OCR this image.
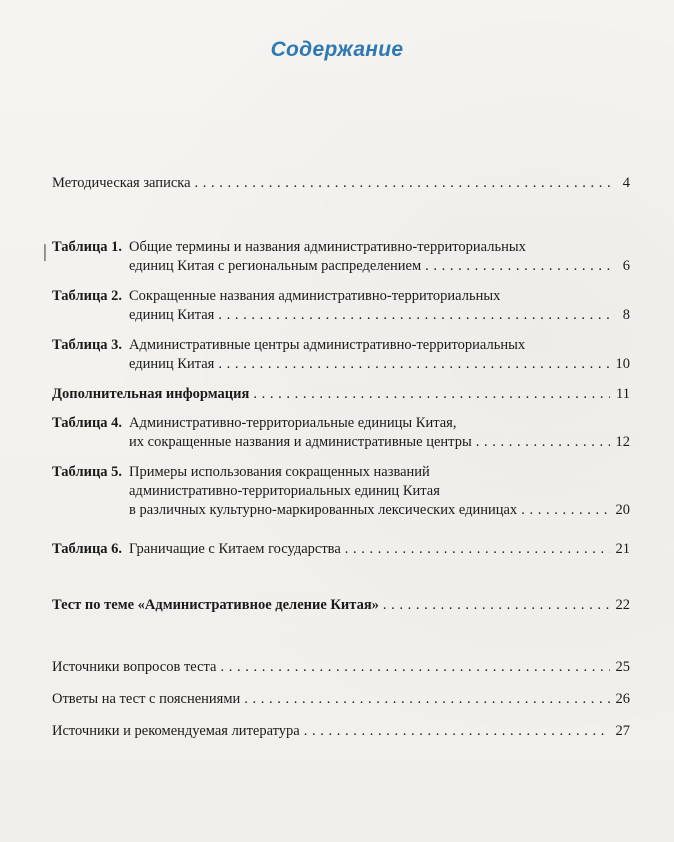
Содержание
│
Методическая записка . . .	4
Таблица 1. Общие термины и названия административно-территориальных
единиц Китая с региональным распределением . . .	6
Таблица 2. Сокращенные названия административно-территориальных
единиц Китая . . .	8
Таблица 3. Административные центры административно-территориальных
единиц Китая . . .	10
Дополнительная информация . . .	11
Таблица 4. Административно-территориальные единицы Китая,
их сокращенные названия и административные центры . . .	12
Таблица 5. Примеры использования сокращенных названий
административно-территориальных единиц Китая
в различных культурно-маркированных лексических единицах . . .	20
Таблица 6. Граничащие с Китаем государства . . .	21
Тест по теме «Административное деление Китая» . . .	22
Источники вопросов теста . . .	25
Ответы на тест с пояснениями . . .	26
Источники и рекомендуемая литература . . .	27
